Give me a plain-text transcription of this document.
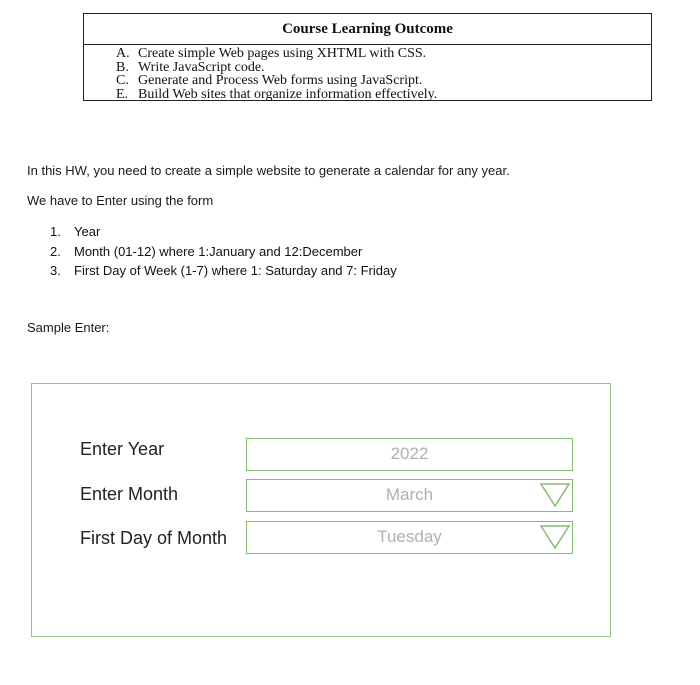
Course Learning Outcome
A. Create simple Web pages using XHTML with CSS.
B. Write JavaScript code.
C. Generate and Process Web forms using JavaScript.
E. Build Web sites that organize information effectively.
In this HW, you need to create a simple website to generate a calendar for any year.
We have to Enter using the form
1.	Year
2.	Month (01-12) where 1:January and 12:December
3.	First Day of Week (1-7) where 1: Saturday and 7: Friday
Sample Enter:
Enter Year	2022
Enter Month	March
First Day of Month	Tuesday
